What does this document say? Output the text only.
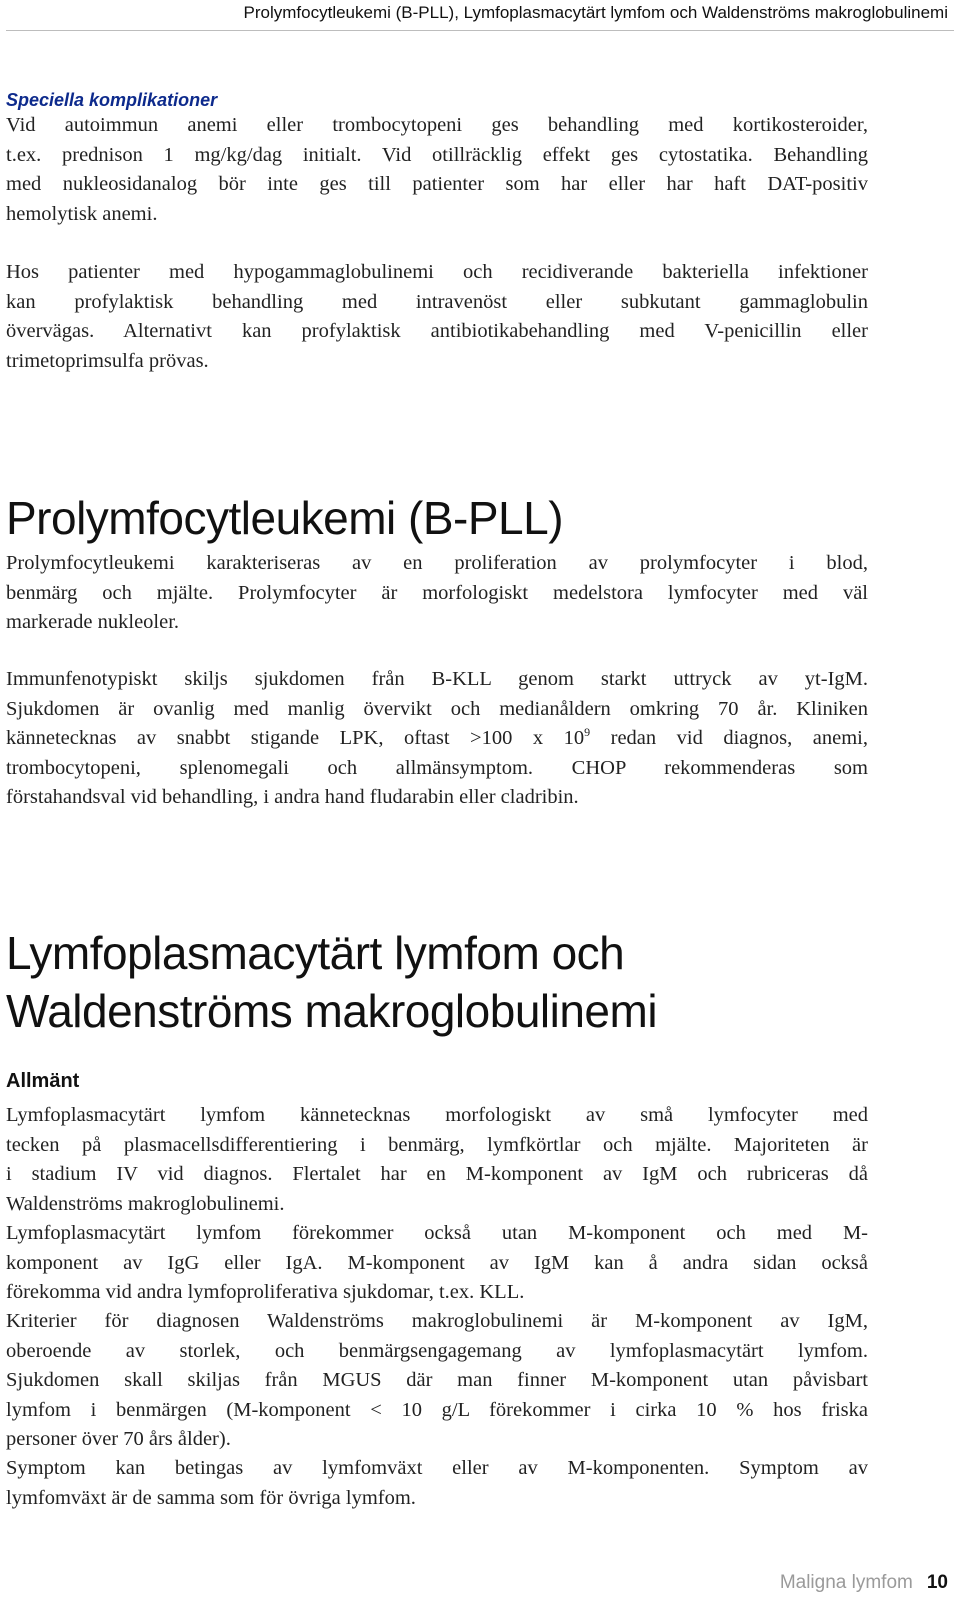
Prolymfocytleukemi (B-PLL), Lymfoplasmacytärt lymfom och Waldenströms makroglobulinemi
Speciella komplikationer

Vid autoimmun anemi eller trombocytopeni ges behandling med kortikosteroider,
t.ex. prednison 1 mg/kg/dag initialt. Vid otillräcklig effekt ges cytostatika. Behandling
med nukleosidanalog bör inte ges till patienter som har eller har haft DAT-positiv
hemolytisk anemi.

Hos patienter med hypogammaglobulinemi och recidiverande bakteriella infektioner
kan profylaktisk behandling med intravenöst eller subkutant gammaglobulin
övervägas. Alternativt kan profylaktisk antibiotikabehandling med V-penicillin eller
trimetoprimsulfa prövas.

Prolymfocytleukemi (B-PLL)

Prolymfocytleukemi karakteriseras av en proliferation av prolymfocyter i blod,
benmärg och mjälte. Prolymfocyter är morfologiskt medelstora lymfocyter med väl
markerade nukleoler.

Immunfenotypiskt skiljs sjukdomen från B-KLL genom starkt uttryck av yt-IgM.
Sjukdomen är ovanlig med manlig övervikt och medianåldern omkring 70 år. Kliniken
kännetecknas av snabbt stigande LPK, oftast >100 x $10^9$ redan vid diagnos, anemi,
trombocytopeni, splenomegali och allmänsymptom. CHOP rekommenderas som
förstahandsval vid behandling, i andra hand fludarabin eller cladribin.

Lymfoplasmacytärt lymfom och
Waldenströms makroglobulinemi
Allmänt

Lymfoplasmacytärt lymfom kännetecknas morfologiskt av små lymfocyter med
tecken på plasmacellsdifferentiering i benmärg, lymfkörtlar och mjälte. Majoriteten är
i stadium IV vid diagnos. Flertalet har en M-komponent av IgM och rubriceras då
Waldenströms makroglobulinemi.

Lymfoplasmacytärt lymfom förekommer också utan M-komponent och med M-
komponent av IgG eller IgA. M-komponent av IgM kan å andra sidan också
förekomma vid andra lymfoproliferativa sjukdomar, t.ex. KLL.

Kriterier för diagnosen Waldenströms makroglobulinemi är M-komponent av IgM,
oberoende av storlek, och benmärgsengagemang av lymfoplasmacytärt lymfom.
Sjukdomen skall skiljas från MGUS där man finner M-komponent utan påvisbart
lymfom i benmärgen (M-komponent < 10 g/L förekommer i cirka 10 % hos friska
personer över 70 års ålder).

Symptom kan betingas av lymfomväxt eller av M-komponenten. Symptom av
lymfomväxt är de samma som för övriga lymfom.

Maligna lymfom 10
